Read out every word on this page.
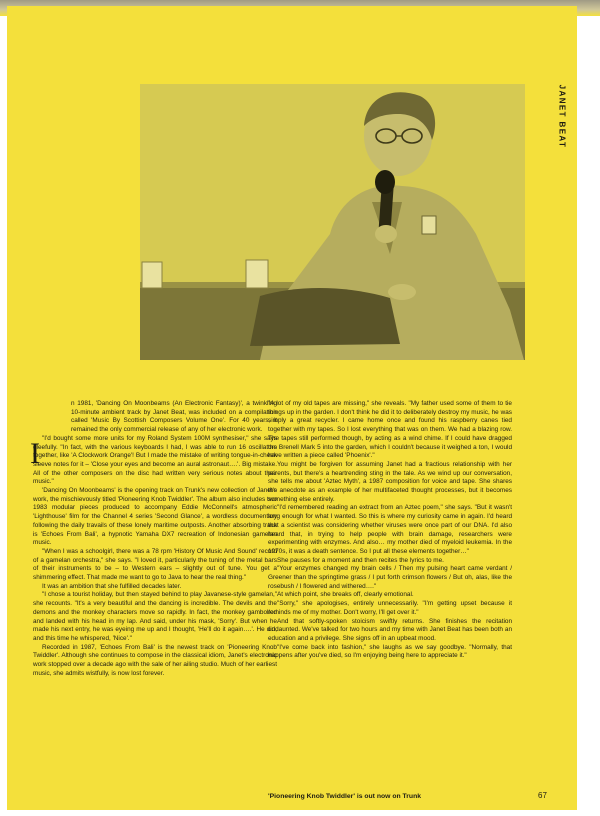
JANET BEAT
I

n 1981, 'Dancing On Moonbeams (An Electronic Fantasy)', a twinkling 10-minute ambient track by Janet Beat, was included on a compilation called 'Music By Scottish Composers Volume One'. For 40 years, it remained the only commercial release of any of her electronic work.

"I'd bought some more units for my Roland System 100M synthesiser," she says gleefully. "In fact, with the various keyboards I had, I was able to run 16 oscillators together, like 'A Clockwork Orange'! But I made the mistake of writing tongue-in-cheek sleeve notes for it – 'Close your eyes and become an aural astronaut….'. Big mistake. All of the other composers on the disc had written very serious notes about their music."

'Dancing On Moonbeams' is the opening track on Trunk's new collection of Janet's work, the mischievously titled 'Pioneering Knob Twiddler'. The album also includes two 1983 modular pieces produced to accompany Eddie McConnell's atmospheric 'Lighthouse' film for the Channel 4 series 'Second Glance', a wordless documentary following the daily travails of these lonely maritime outposts. Another absorbing track is 'Echoes From Bali', a hypnotic Yamaha DX7 recreation of Indonesian gamelan music.

"When I was a schoolgirl, there was a 78 rpm 'History Of Music And Sound' record of a gamelan orchestra," she says. "I loved it, particularly the tuning of the metal bars of their instruments to be – to Western ears – slightly out of tune. You get a shimmering effect. That made me want to go to Java to hear the real thing."

It was an ambition that she fulfilled decades later.

"I chose a tourist holiday, but then stayed behind to play Javanese-style gamelan," she recounts. "It's a very beautiful and the dancing is incredible. The devils and the demons and the monkey characters move so rapidly. In fact, the monkey gambolled and landed with his head in my lap. And said, under his mask, 'Sorry'. But when he made his next entry, he was eyeing me up and I thought, 'He'll do it again….'. He did, and this time he whispered, 'Nice'."

Recorded in 1987, 'Echoes From Bali' is the newest track on 'Pioneering Knob Twiddler'. Although she continues to compose in the classical idiom, Janet's electronic work stopped over a decade ago with the sale of her ailing studio. Much of her earliest music, she admits wistfully, is now lost forever.

"A lot of my old tapes are missing," she reveals. "My father used some of them to tie things up in the garden. I don't think he did it to deliberately destroy my music, he was simply a great recycler. I came home once and found his raspberry canes tied together with my tapes. So I lost everything that was on them. We had a blazing row. The tapes still performed though, by acting as a wind chime. If I could have dragged the Brenell Mark 5 into the garden, which I couldn't because it weighed a ton, I would have written a piece called 'Phoenix'."

You might be forgiven for assuming Janet had a fractious relationship with her parents, but there's a heartrending sting in the tale. As we wind up our conversation, she tells me about 'Aztec Myth', a 1987 composition for voice and tape. She shares the anecdote as an example of her multifaceted thought processes, but it becomes something else entirely.

"I'd remembered reading an extract from an Aztec poem," she says. "But it wasn't long enough for what I wanted. So this is where my curiosity came in again. I'd heard that a scientist was considering whether viruses were once part of our DNA. I'd also heard that, in trying to help people with brain damage, researchers were experimenting with enzymes. And also… my mother died of myeloid leukemia. In the 1970s, it was a death sentence. So I put all these elements together…"

She pauses for a moment and then recites the lyrics to me.

"Your enzymes changed my brain cells / Then my pulsing heart came verdant / Greener than the springtime grass / I put forth crimson flowers / But oh, alas, like the rosebush / I flowered and withered…."

At which point, she breaks off, clearly emotional.

"Sorry," she apologises, entirely unnecessarily. "I'm getting upset because it reminds me of my mother. Don't worry, I'll get over it."

And that softly-spoken stoicism swiftly returns. She finishes the recitation undaunted. We've talked for two hours and my time with Janet Beat has been both an education and a privilege. She signs off in an upbeat mood.

"I've come back into fashion," she laughs as we say goodbye. "Normally, that happens after you've died, so I'm enjoying being here to appreciate it."

'Pioneering Knob Twiddler' is out now on Trunk	67
